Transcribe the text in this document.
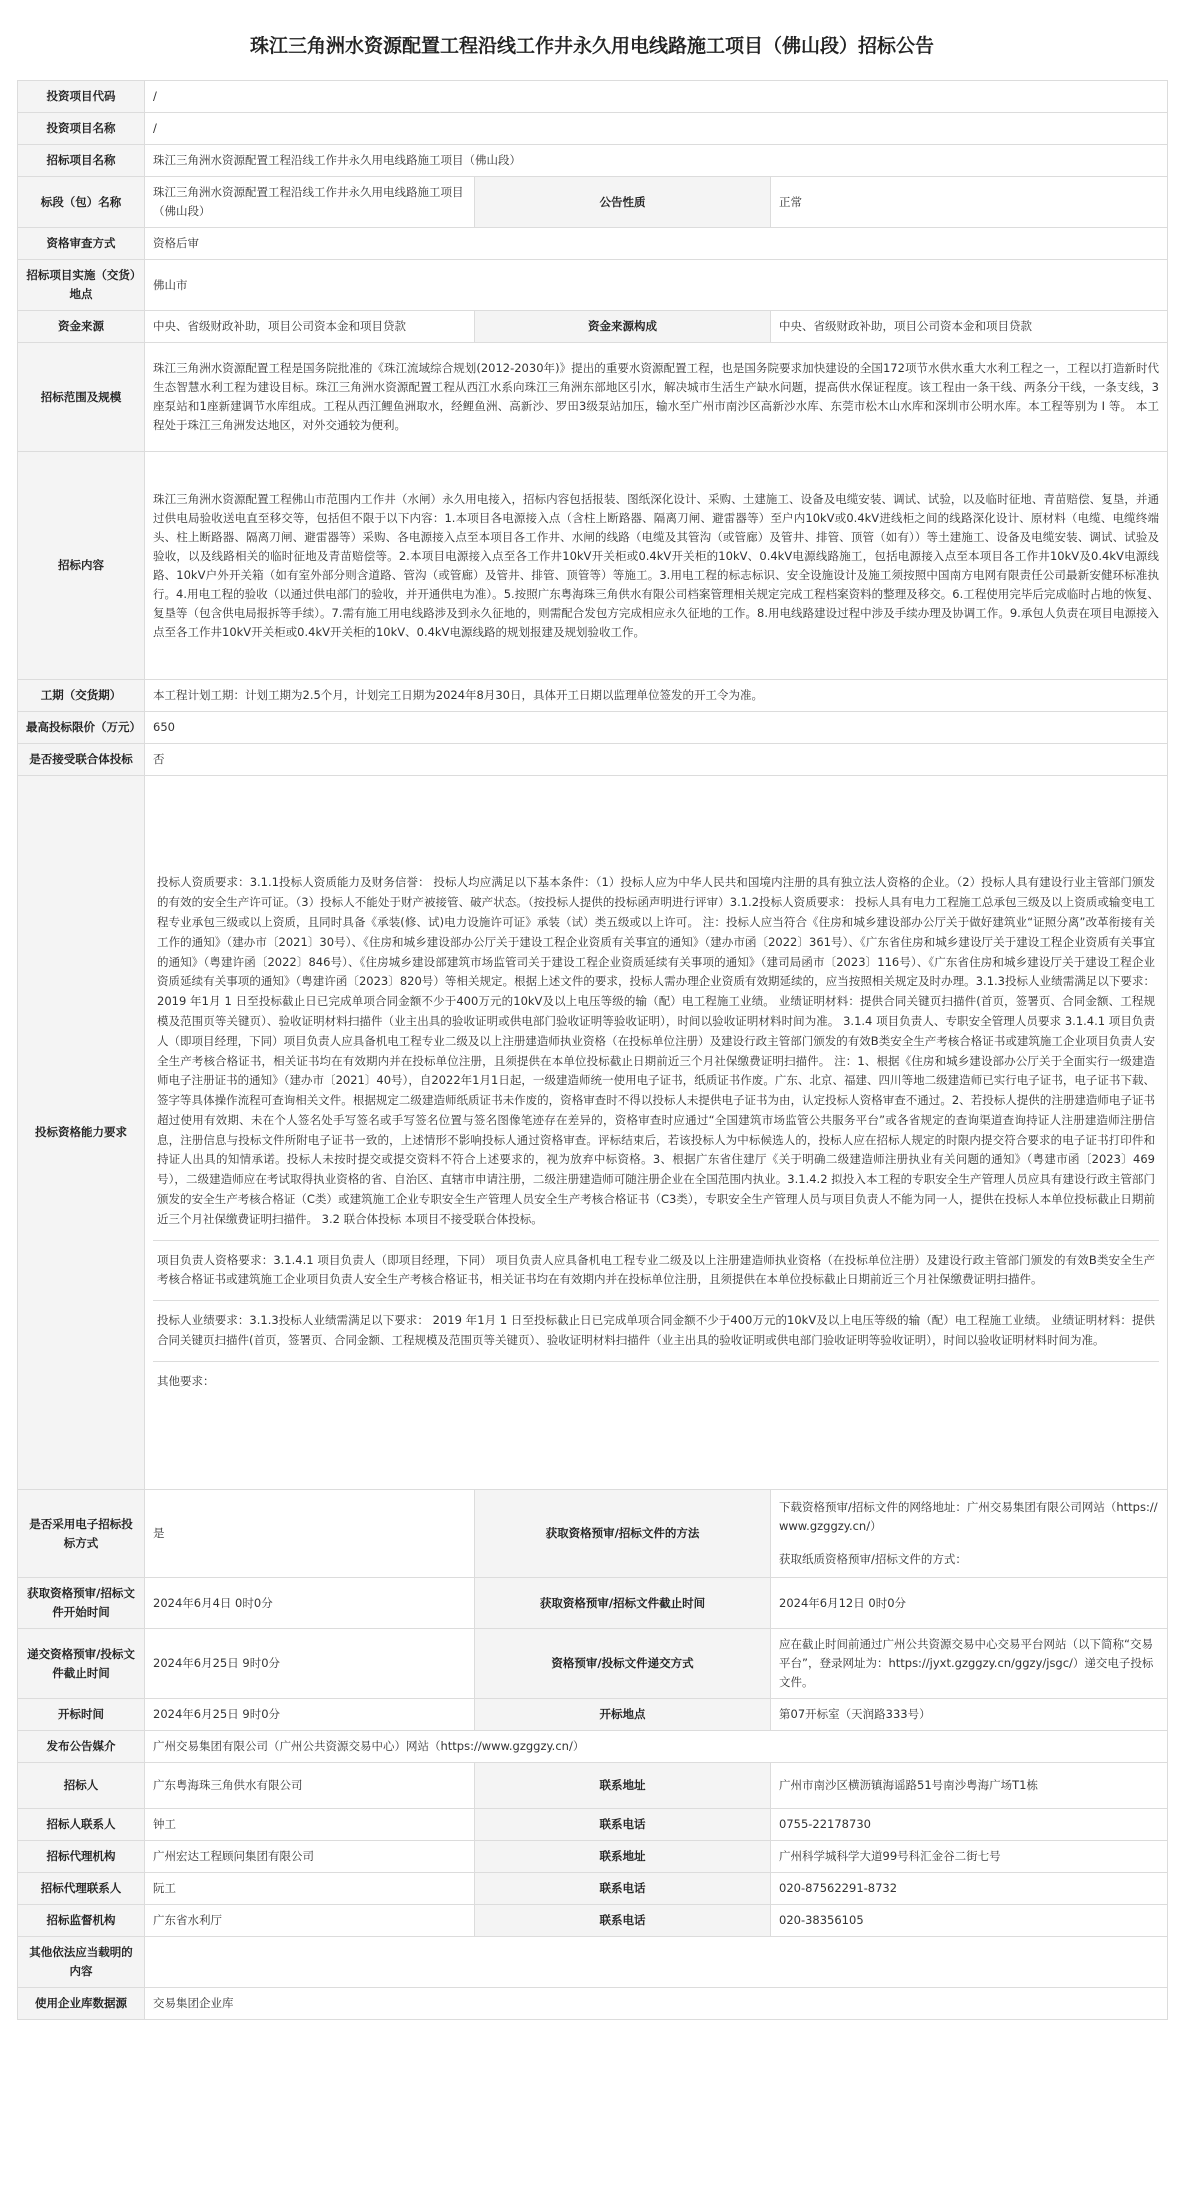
珠江三角洲水资源配置工程沿线工作井永久用电线路施工项目（佛山段）招标公告
投资项目代码	/		
投资项目名称	/		
招标项目名称	珠江三角洲水资源配置工程沿线工作井永久用电线路施工项目（佛山段）		
标段（包）名称	珠江三角洲水资源配置工程沿线工作井永久用电线路施工项目（佛山段）	公告性质	正常
资格审查方式	资格后审		
招标项目实施（交货）地点	佛山市		
资金来源	中央、省级财政补助，项目公司资本金和项目贷款	资金来源构成	中央、省级财政补助，项目公司资本金和项目贷款
招标范围及规模	珠江三角洲水资源配置工程是国务院批准的《珠江流域综合规划(2012-2030年)》提出的重要水资源配置工程，也是国务院要求加快建设的全国172项节水供水重大水利工程之一，工程以打造新时代生态智慧水利工程为建设目标。珠江三角洲水资源配置工程从西江水系向珠江三角洲东部地区引水，解决城市生活生产缺水问题，提高供水保证程度。该工程由一条干线、两条分干线，一条支线，3座泵站和1座新建调节水库组成。工程从西江鲤鱼洲取水，经鲤鱼洲、高新沙、罗田3级泵站加压，输水至广州市南沙区高新沙水库、东莞市松木山水库和深圳市公明水库。本工程等别为 I 等。 本工程处于珠江三角洲发达地区，对外交通较为便利。		
招标内容	珠江三角洲水资源配置工程佛山市范围内工作井（水闸）永久用电接入，招标内容包括报装、图纸深化设计、采购、土建施工、设备及电缆安装、调试、试验，以及临时征地、青苗赔偿、复垦，并通过供电局验收送电直至移交等，包括但不限于以下内容：1.本项目各电源接入点（含柱上断路器、隔离刀闸、避雷器等）至户内10kV或0.4kV进线柜之间的线路深化设计、原材料（电缆、电缆终端头、柱上断路器、隔离刀闸、避雷器等）采购、各电源接入点至本项目各工作井、水闸的线路（电缆及其管沟（或管廊）及管井、排管、顶管（如有））等土建施工、设备及电缆安装、调试、试验及验收，以及线路相关的临时征地及青苗赔偿等。2.本项目电源接入点至各工作井10kV开关柜或0.4kV开关柜的10kV、0.4kV电源线路施工，包括电源接入点至本项目各工作井10kV及0.4kV电源线路、10kV户外开关箱（如有室外部分则含道路、管沟（或管廊）及管井、排管、顶管等）等施工。3.用电工程的标志标识、安全设施设计及施工须按照中国南方电网有限责任公司最新安健环标准执行。4.用电工程的验收（以通过供电部门的验收，并开通供电为准）。5.按照广东粤海珠三角供水有限公司档案管理相关规定完成工程档案资料的整理及移交。6.工程使用完毕后完成临时占地的恢复、复垦等（包含供电局报拆等手续）。7.需有施工用电线路涉及到永久征地的，则需配合发包方完成相应永久征地的工作。8.用电线路建设过程中涉及手续办理及协调工作。9.承包人负责在项目电源接入点至各工作井10kV开关柜或0.4kV开关柜的10kV、0.4kV电源线路的规划报建及规划验收工作。		
工期（交货期）	本工程计划工期：计划工期为2.5个月，计划完工日期为2024年8月30日，具体开工日期以监理单位签发的开工令为准。		
最高投标限价（万元）	650		
是否接受联合体投标	否		
投标资格能力要求	投标人资质要求：3.1.1投标人资质能力及财务信誉： 投标人均应满足以下基本条件：（1）投标人应为中华人民共和国境内注册的具有独立法人资格的企业。（2）投标人具有建设行业主管部门颁发的有效的安全生产许可证。（3）投标人不能处于财产被接管、破产状态。（按投标人提供的投标函声明进行评审）3.1.2投标人资质要求： 投标人具有电力工程施工总承包三级及以上资质或输变电工程专业承包三级或以上资质，且同时具备《承装(修、试)电力设施许可证》承装（试）类五级或以上许可。 注：投标人应当符合《住房和城乡建设部办公厅关于做好建筑业“证照分离”改革衔接有关工作的通知》（建办市〔2021〕30号）、《住房和城乡建设部办公厅关于建设工程企业资质有关事宜的通知》（建办市函〔2022〕361号）、《广东省住房和城乡建设厅关于建设工程企业资质有关事宜的通知》（粤建许函〔2022〕846号）、《住房城乡建设部建筑市场监管司关于建设工程企业资质延续有关事项的通知》（建司局函市〔2023〕116号）、《广东省住房和城乡建设厅关于建设工程企业资质延续有关事项的通知》（粤建许函〔2023〕820号）等相关规定。根据上述文件的要求，投标人需办理企业资质有效期延续的，应当按照相关规定及时办理。3.1.3投标人业绩需满足以下要求： 2019 年1月 1 日至投标截止日已完成单项合同金额不少于400万元的10kV及以上电压等级的输（配）电工程施工业绩。 业绩证明材料：提供合同关键页扫描件(首页，签署页、合同金额、工程规模及范围页等关键页）、验收证明材料扫描件（业主出具的验收证明或供电部门验收证明等验收证明），时间以验收证明材料时间为准。 3.1.4 项目负责人、专职安全管理人员要求 3.1.4.1 项目负责人（即项目经理，下同）项目负责人应具备机电工程专业二级及以上注册建造师执业资格（在投标单位注册）及建设行政主管部门颁发的有效B类安全生产考核合格证书或建筑施工企业项目负责人安全生产考核合格证书，相关证书均在有效期内并在投标单位注册，且须提供在本单位投标截止日期前近三个月社保缴费证明扫描件。 注：1、根据《住房和城乡建设部办公厅关于全面实行一级建造师电子注册证书的通知》（建办市〔2021〕40号），自2022年1月1日起，一级建造师统一使用电子证书，纸质证书作废。广东、北京、福建、四川等地二级建造师已实行电子证书，电子证书下载、签字等具体操作流程可查询相关文件。根据规定二级建造师纸质证书未作废的，资格审查时不得以投标人未提供电子证书为由，认定投标人资格审查不通过。2、若投标人提供的注册建造师电子证书超过使用有效期、未在个人签名处手写签名或手写签名位置与签名图像笔迹存在差异的，资格审查时应通过“全国建筑市场监管公共服务平台”或各省规定的查询渠道查询持证人注册建造师注册信息，注册信息与投标文件所附电子证书一致的，上述情形不影响投标人通过资格审查。评标结束后，若该投标人为中标候选人的，投标人应在招标人规定的时限内提交符合要求的电子证书打印件和持证人出具的知情承诺。投标人未按时提交或提交资料不符合上述要求的，视为放弃中标资格。3、根据广东省住建厅《关于明确二级建造师注册执业有关问题的通知》（粤建市函〔2023〕469号），二级建造师应在考试取得执业资格的省、自治区、直辖市申请注册，二级注册建造师可随注册企业在全国范围内执业。3.1.4.2 拟投入本工程的专职安全生产管理人员应具有建设行政主管部门颁发的安全生产考核合格证（C类）或建筑施工企业专职安全生产管理人员安全生产考核合格证书（C3类），专职安全生产管理人员与项目负责人不能为同一人，提供在投标人本单位投标截止日期前近三个月社保缴费证明扫描件。 3.2 联合体投标 本项目不接受联合体投标。
项目负责人资格要求：3.1.4.1 项目负责人（即项目经理，下同） 项目负责人应具备机电工程专业二级及以上注册建造师执业资格（在投标单位注册）及建设行政主管部门颁发的有效B类安全生产考核合格证书或建筑施工企业项目负责人安全生产考核合格证书，相关证书均在有效期内并在投标单位注册，且须提供在本单位投标截止日期前近三个月社保缴费证明扫描件。
投标人业绩要求：3.1.3投标人业绩需满足以下要求： 2019 年1月 1 日至投标截止日已完成单项合同金额不少于400万元的10kV及以上电压等级的输（配）电工程施工业绩。 业绩证明材料：提供合同关键页扫描件(首页，签署页、合同金额、工程规模及范围页等关键页）、验收证明材料扫描件（业主出具的验收证明或供电部门验收证明等验收证明），时间以验收证明材料时间为准。
其他要求：		

是否采用电子招标投标方式	是	获取资格预审/招标文件的方法	下载资格预审/招标文件的网络地址：广州交易集团有限公司网站（https://www.gzggzy.cn/）
获取纸质资格预审/招标文件的方式：

获取资格预审/招标文件开始时间	2024年6月4日 0时0分	获取资格预审/招标文件截止时间	2024年6月12日 0时0分
递交资格预审/投标文件截止时间	2024年6月25日 9时0分	资格预审/投标文件递交方式	应在截止时间前通过广州公共资源交易中心交易平台网站（以下简称“交易平台”，登录网址为：https://jyxt.gzggzy.cn/ggzy/jsgc/）递交电子投标文件。
开标时间	2024年6月25日 9时0分	开标地点	第07开标室（天润路333号）
发布公告媒介	广州交易集团有限公司（广州公共资源交易中心）网站（https://www.gzggzy.cn/）		
招标人	广东粤海珠三角供水有限公司	联系地址	广州市南沙区横沥镇海谣路51号南沙粤海广场T1栋
招标人联系人	钟工	联系电话	0755-22178730
招标代理机构	广州宏达工程顾问集团有限公司	联系地址	广州科学城科学大道99号科汇金谷二街七号
招标代理联系人	阮工	联系电话	020-87562291-8732
招标监督机构	广东省水利厅	联系电话	020-38356105
其他依法应当载明的内容			
使用企业库数据源	交易集团企业库		
